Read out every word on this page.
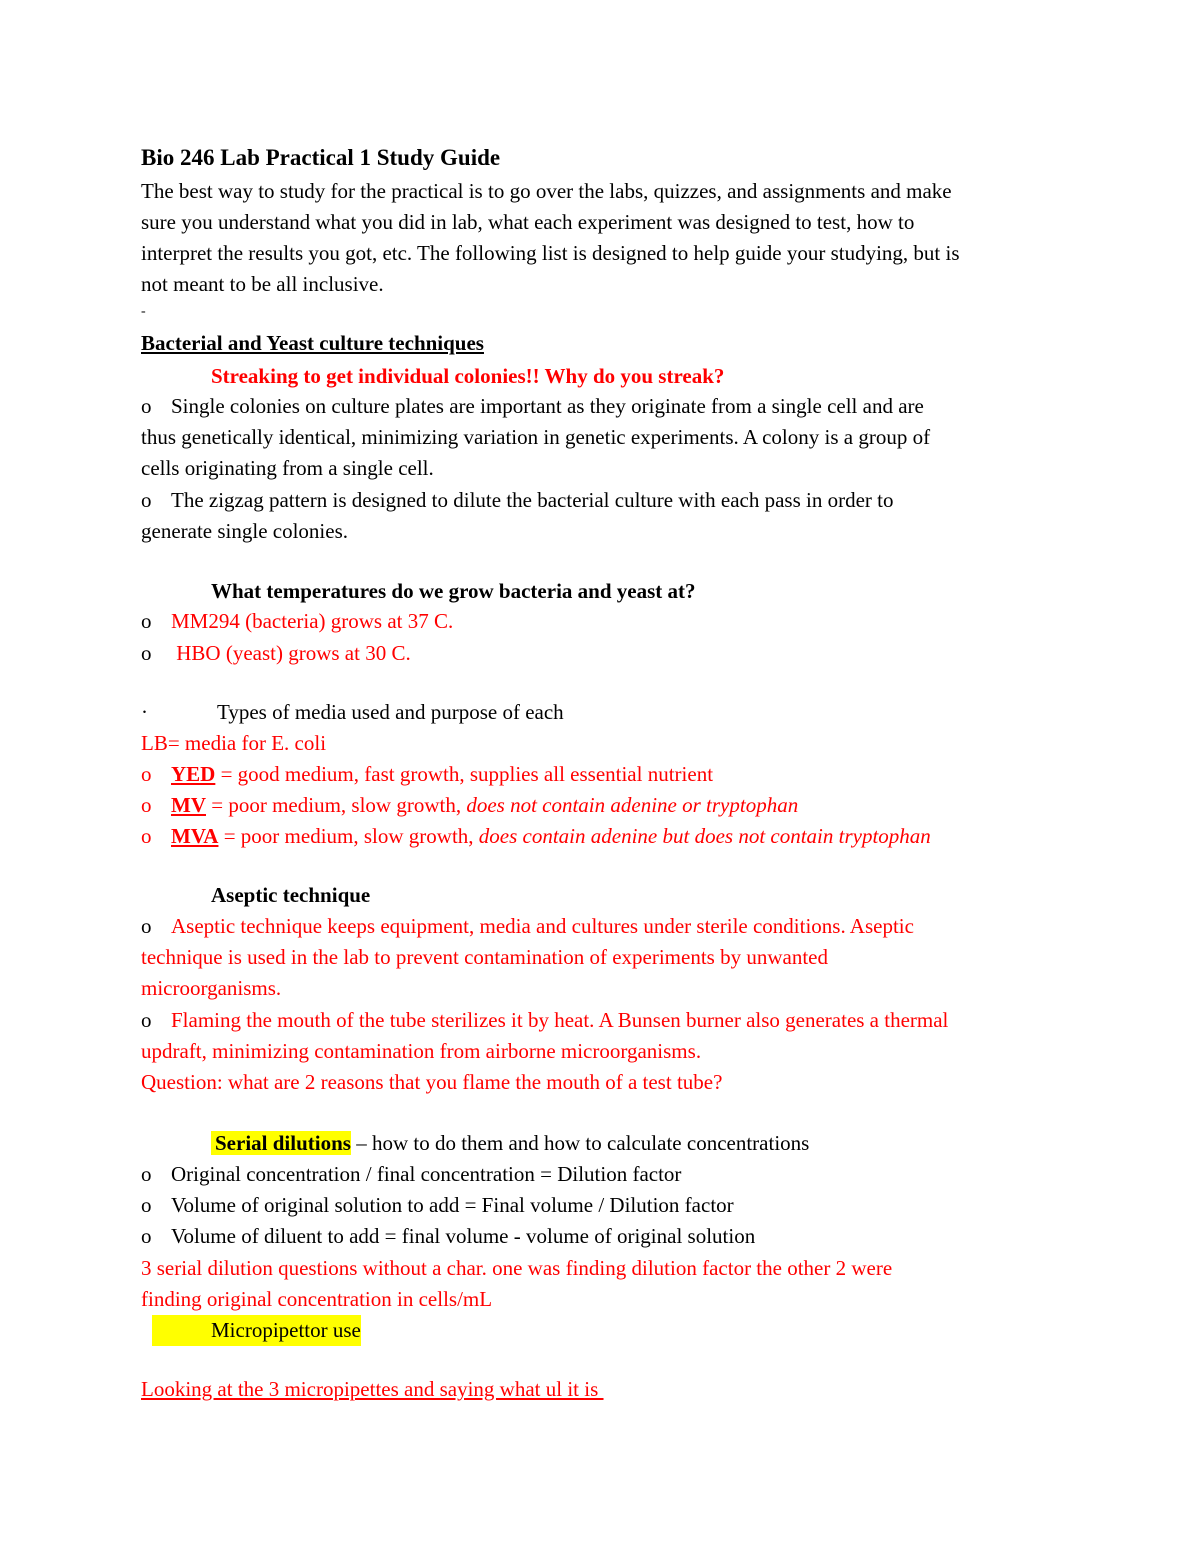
Bio 246 Lab Practical 1 Study Guide
The best way to study for the practical is to go over the labs, quizzes, and assignments and make
sure you understand what you did in lab, what each experiment was designed to test, how to
interpret the results you got, etc. The following list is designed to help guide your studying, but is
not meant to be all inclusive.
-
Bacterial and Yeast culture techniques
Streaking to get individual colonies!! Why do you streak?
o Single colonies on culture plates are important as they originate from a single cell and are
thus genetically identical, minimizing variation in genetic experiments. A colony is a group of
cells originating from a single cell.
o The zigzag pattern is designed to dilute the bacterial culture with each pass in order to
generate single colonies.
What temperatures do we grow bacteria and yeast at?
o MM294 (bacteria) grows at 37 C.
o HBO (yeast) grows at 30 C.
·	Types of media used and purpose of each
LB= media for E. coli
o YED = good medium, fast growth, supplies all essential nutrient
o MV = poor medium, slow growth, does not contain adenine or tryptophan
o MVA = poor medium, slow growth, does contain adenine but does not contain tryptophan
Aseptic technique
o Aseptic technique keeps equipment, media and cultures under sterile conditions. Aseptic
technique is used in the lab to prevent contamination of experiments by unwanted
microorganisms.
o Flaming the mouth of the tube sterilizes it by heat. A Bunsen burner also generates a thermal
updraft, minimizing contamination from airborne microorganisms.
Question: what are 2 reasons that you flame the mouth of a test tube?
Serial dilutions – how to do them and how to calculate concentrations
o Original concentration / final concentration = Dilution factor
o Volume of original solution to add = Final volume / Dilution factor
o Volume of diluent to add = final volume - volume of original solution
3 serial dilution questions without a char. one was finding dilution factor the other 2 were
finding original concentration in cells/mL
Micropipettor use
Looking at the 3 micropipettes and saying what ul it is
